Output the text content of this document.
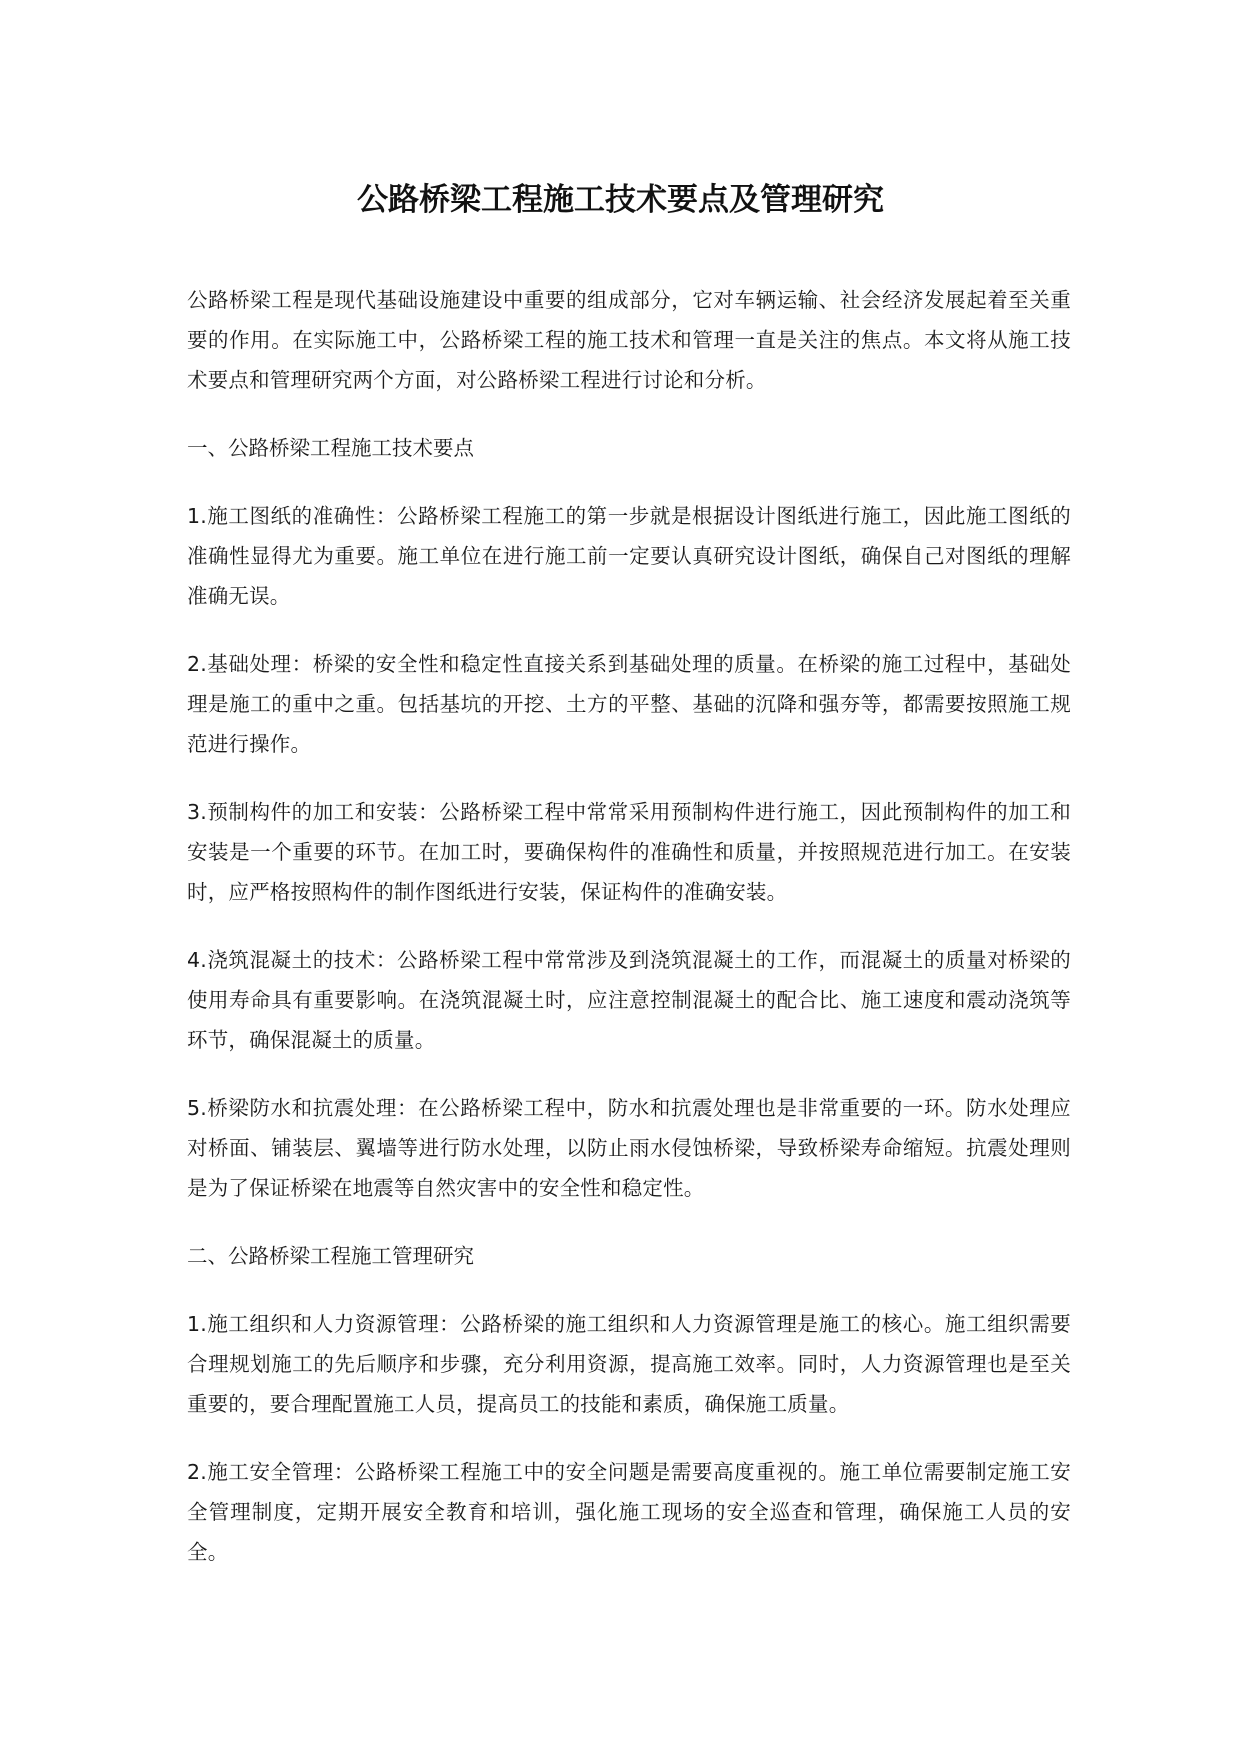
公路桥梁工程施工技术要点及管理研究

公路桥梁工程是现代基础设施建设中重要的组成部分，它对车辆运输、社会经济发展起着至关重要的作用。在实际施工中，公路桥梁工程的施工技术和管理一直是关注的焦点。本文将从施工技术要点和管理研究两个方面，对公路桥梁工程进行讨论和分析。

一、公路桥梁工程施工技术要点

1.施工图纸的准确性：公路桥梁工程施工的第一步就是根据设计图纸进行施工，因此施工图纸的准确性显得尤为重要。施工单位在进行施工前一定要认真研究设计图纸，确保自己对图纸的理解准确无误。

2.基础处理：桥梁的安全性和稳定性直接关系到基础处理的质量。在桥梁的施工过程中，基础处理是施工的重中之重。包括基坑的开挖、土方的平整、基础的沉降和强夯等，都需要按照施工规范进行操作。

3.预制构件的加工和安装：公路桥梁工程中常常采用预制构件进行施工，因此预制构件的加工和安装是一个重要的环节。在加工时，要确保构件的准确性和质量，并按照规范进行加工。在安装时，应严格按照构件的制作图纸进行安装，保证构件的准确安装。

4.浇筑混凝土的技术：公路桥梁工程中常常涉及到浇筑混凝土的工作，而混凝土的质量对桥梁的使用寿命具有重要影响。在浇筑混凝土时，应注意控制混凝土的配合比、施工速度和震动浇筑等环节，确保混凝土的质量。

5.桥梁防水和抗震处理：在公路桥梁工程中，防水和抗震处理也是非常重要的一环。防水处理应对桥面、铺装层、翼墙等进行防水处理，以防止雨水侵蚀桥梁，导致桥梁寿命缩短。抗震处理则是为了保证桥梁在地震等自然灾害中的安全性和稳定性。

二、公路桥梁工程施工管理研究

1.施工组织和人力资源管理：公路桥梁的施工组织和人力资源管理是施工的核心。施工组织需要合理规划施工的先后顺序和步骤，充分利用资源，提高施工效率。同时，人力资源管理也是至关重要的，要合理配置施工人员，提高员工的技能和素质，确保施工质量。

2.施工安全管理：公路桥梁工程施工中的安全问题是需要高度重视的。施工单位需要制定施工安全管理制度，定期开展安全教育和培训，强化施工现场的安全巡查和管理，确保施工人员的安全。
